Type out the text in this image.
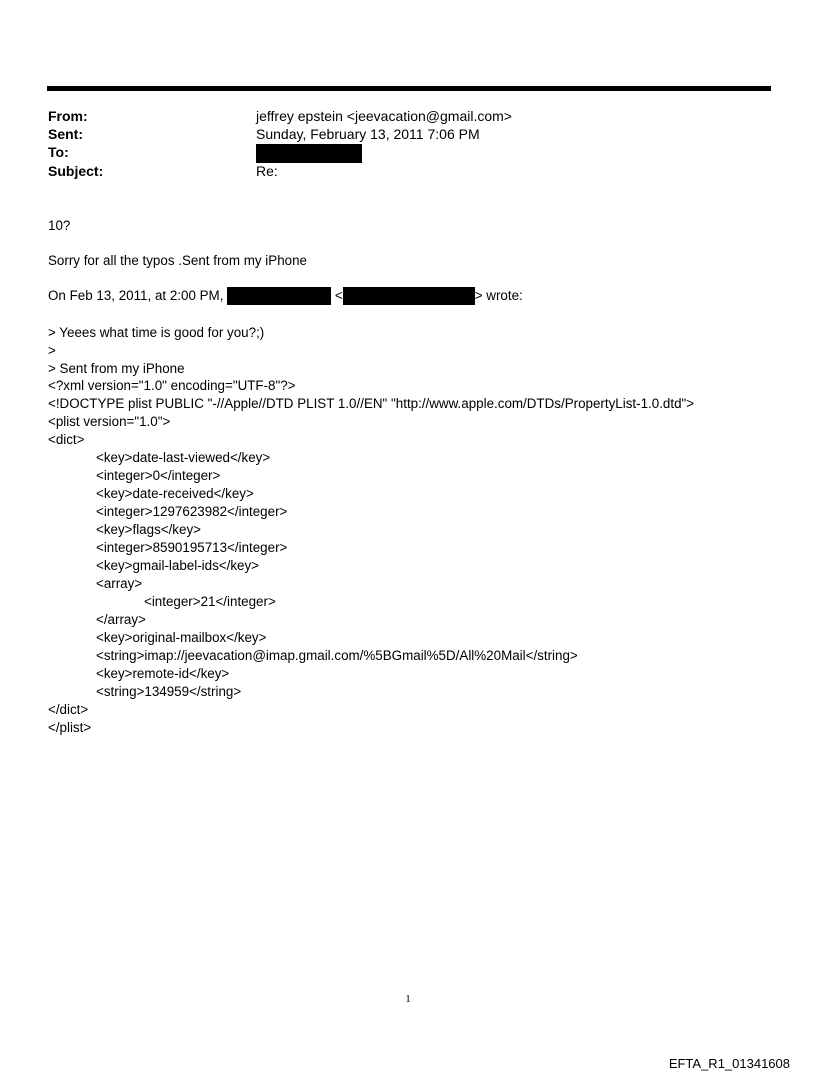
From:	jeffrey epstein <jeevacation@gmail.com>
Sent:	Sunday, February 13, 2011 7:06 PM
To:
Subject:	Re:
10?
Sorry for all the typos .Sent from my iPhone
On Feb 13, 2011, at 2:00 PM,	<	> wrote:
> Yeees what time is good for you?;)
>
> Sent from my iPhone
<?xml version="1.0" encoding="UTF-8"?>
<!DOCTYPE plist PUBLIC "-//Apple//DTD PLIST 1.0//EN" "http://www.apple.com/DTDs/PropertyList-1.0.dtd">
<plist version="1.0">
<dict>
<key>date-last-viewed</key>
<integer>0</integer>
<key>date-received</key>
<integer>1297623982</integer>
<key>flags</key>
<integer>8590195713</integer>
<key>gmail-label-ids</key>
<array>
<integer>21</integer>
</array>
<key>original-mailbox</key>
<string>imap://jeevacation@imap.gmail.com/%5BGmail%5D/All%20Mail</string>
<key>remote-id</key>
<string>134959</string>
</dict>
</plist>
1
EFTA_R1_01341608
